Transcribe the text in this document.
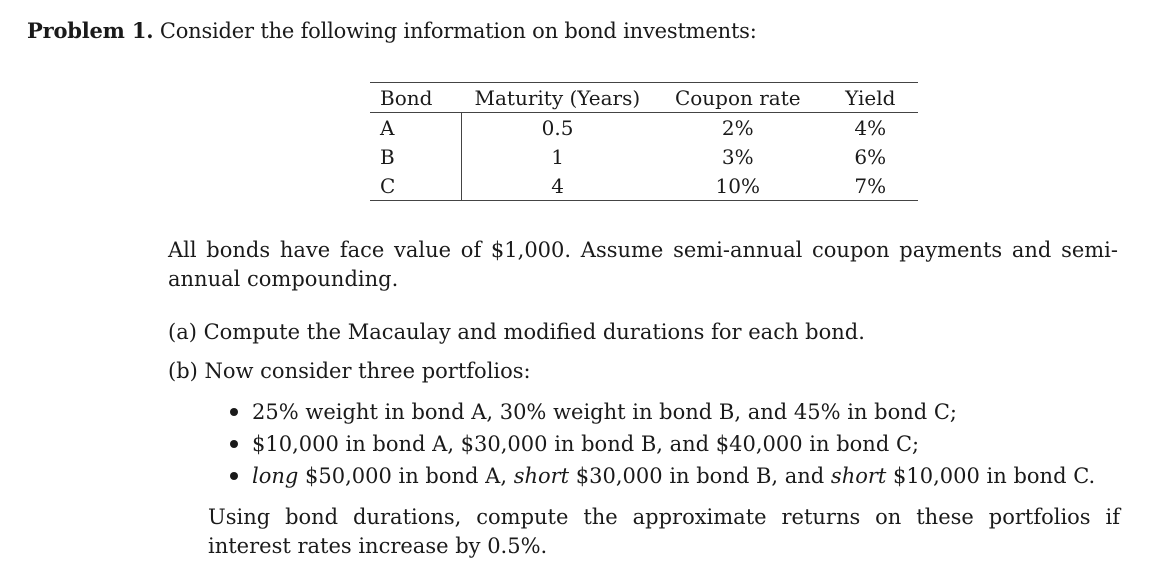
Problem 1. Consider the following information on bond investments:
Bond	Maturity (Years)	Coupon rate	Yield
A	0.5	2%	4%
B	1	3%	6%
C	4	10%	7%
All bonds have face value of $1,000. Assume semi-annual coupon payments and semi-annual compounding.
(a) Compute the Macaulay and modified durations for each bond.
(b) Now consider three portfolios:
25% weight in bond A, 30% weight in bond B, and 45% in bond C;
$10,000 in bond A, $30,000 in bond B, and $40,000 in bond C;
long $50,000 in bond A, short $30,000 in bond B, and short $10,000 in bond C.
Using bond durations, compute the approximate returns on these portfolios if interest rates increase by 0.5%.
